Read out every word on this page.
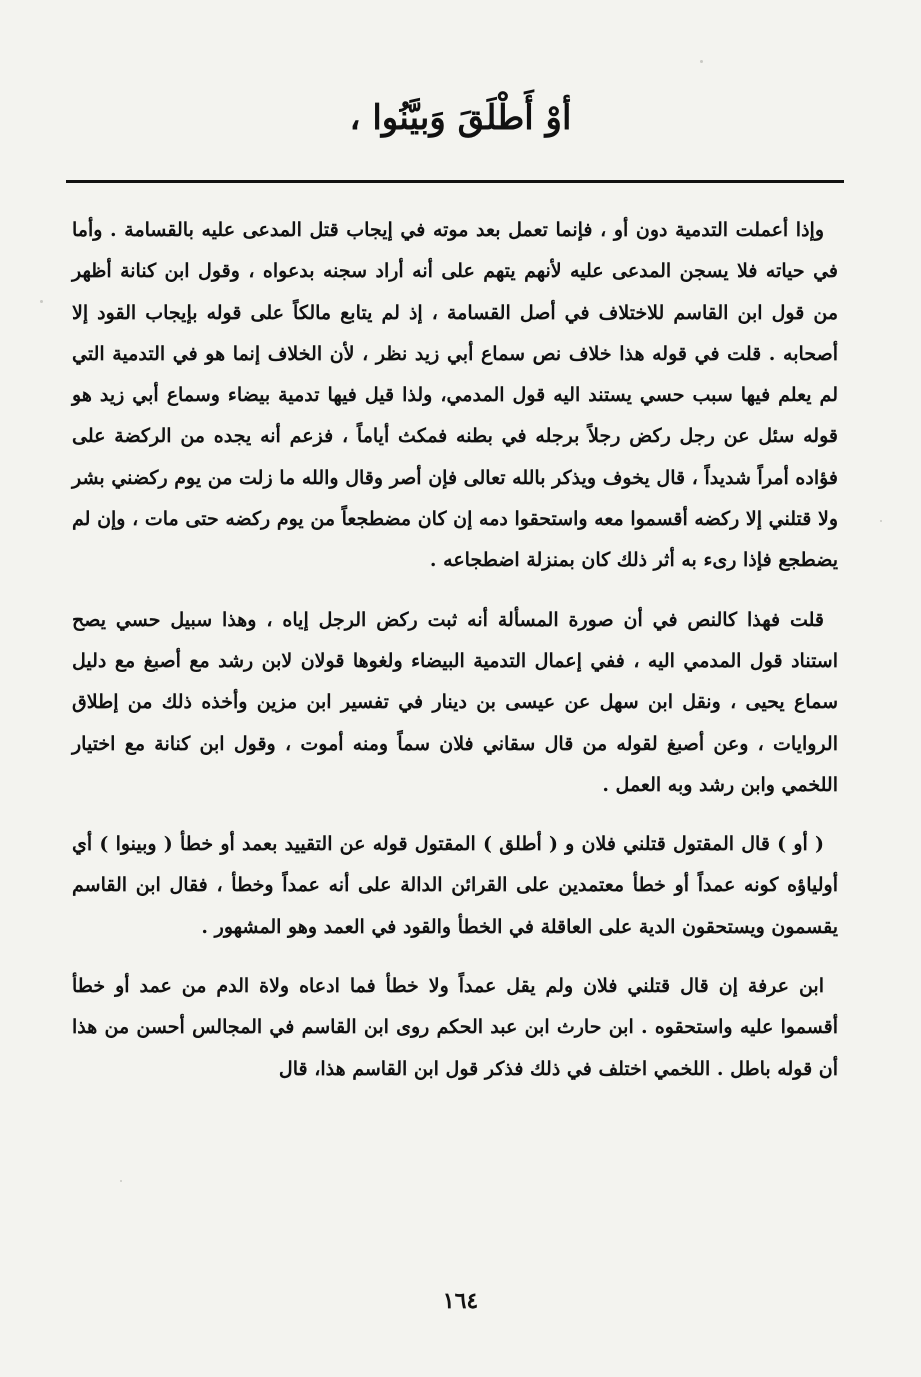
أوْ أَطْلَقَ وَبيَّنُوا ،

وإذا أعملت التدمية دون أو ، فإنما تعمل بعد موته في إيجاب قتل المدعى عليه بالقسامة . وأما في حياته فلا يسجن المدعى عليه لأنهم يتهم على أنه أراد سجنه بدعواه ، وقول ابن كنانة أظهر من قول ابن القاسم للاختلاف في أصل القسامة ، إذ لم يتابع مالكاً على قوله بإيجاب القود إلا أصحابه . قلت في قوله هذا خلاف نص سماع أبي زيد نظر ، لأن الخلاف إنما هو في التدمية التي لم يعلم فيها سبب حسي يستند اليه قول المدمي، ولذا قيل فيها تدمية بيضاء وسماع أبي زيد هو قوله سئل عن رجل ركض رجلاً برجله في بطنه فمكث أياماً ، فزعم أنه يجده من الركضة على فؤاده أمراً شديداً ، قال يخوف ويذكر بالله تعالى فإن أصر وقال والله ما زلت من يوم ركضني بشر ولا قتلني إلا ركضه أقسموا معه واستحقوا دمه إن كان مضطجعاً من يوم ركضه حتى مات ، وإن لم يضطجع فإذا رىء به أثر ذلك كان بمنزلة اضطجاعه .

قلت فهذا كالنص في أن صورة المسألة أنه ثبت ركض الرجل إياه ، وهذا سبيل حسي يصح استناد قول المدمي اليه ، ففي إعمال التدمية البيضاء ولغوها قولان لابن رشد مع أصبغ مع دليل سماع يحيى ، ونقل ابن سهل عن عيسى بن دينار في تفسير ابن مزين وأخذه ذلك من إطلاق الروايات ، وعن أصبغ لقوله من قال سقاني فلان سماً ومنه أموت ، وقول ابن كنانة مع اختيار اللخمي وابن رشد وبه العمل .

( أو ) قال المقتول قتلني فلان و ( أطلق ) المقتول قوله عن التقييد بعمد أو خطأ ( وبينوا ) أي أولياؤه كونه عمداً أو خطأ معتمدين على القرائن الدالة على أنه عمداً وخطأ ، فقال ابن القاسم يقسمون ويستحقون الدية على العاقلة في الخطأ والقود في العمد وهو المشهور .

ابن عرفة إن قال قتلني فلان ولم يقل عمداً ولا خطأ فما ادعاه ولاة الدم من عمد أو خطأ أقسموا عليه واستحقوه . ابن حارث ابن عبد الحكم روى ابن القاسم في المجالس أحسن من هذا أن قوله باطل . اللخمي اختلف في ذلك فذكر قول ابن القاسم هذا، قال

١٦٤
